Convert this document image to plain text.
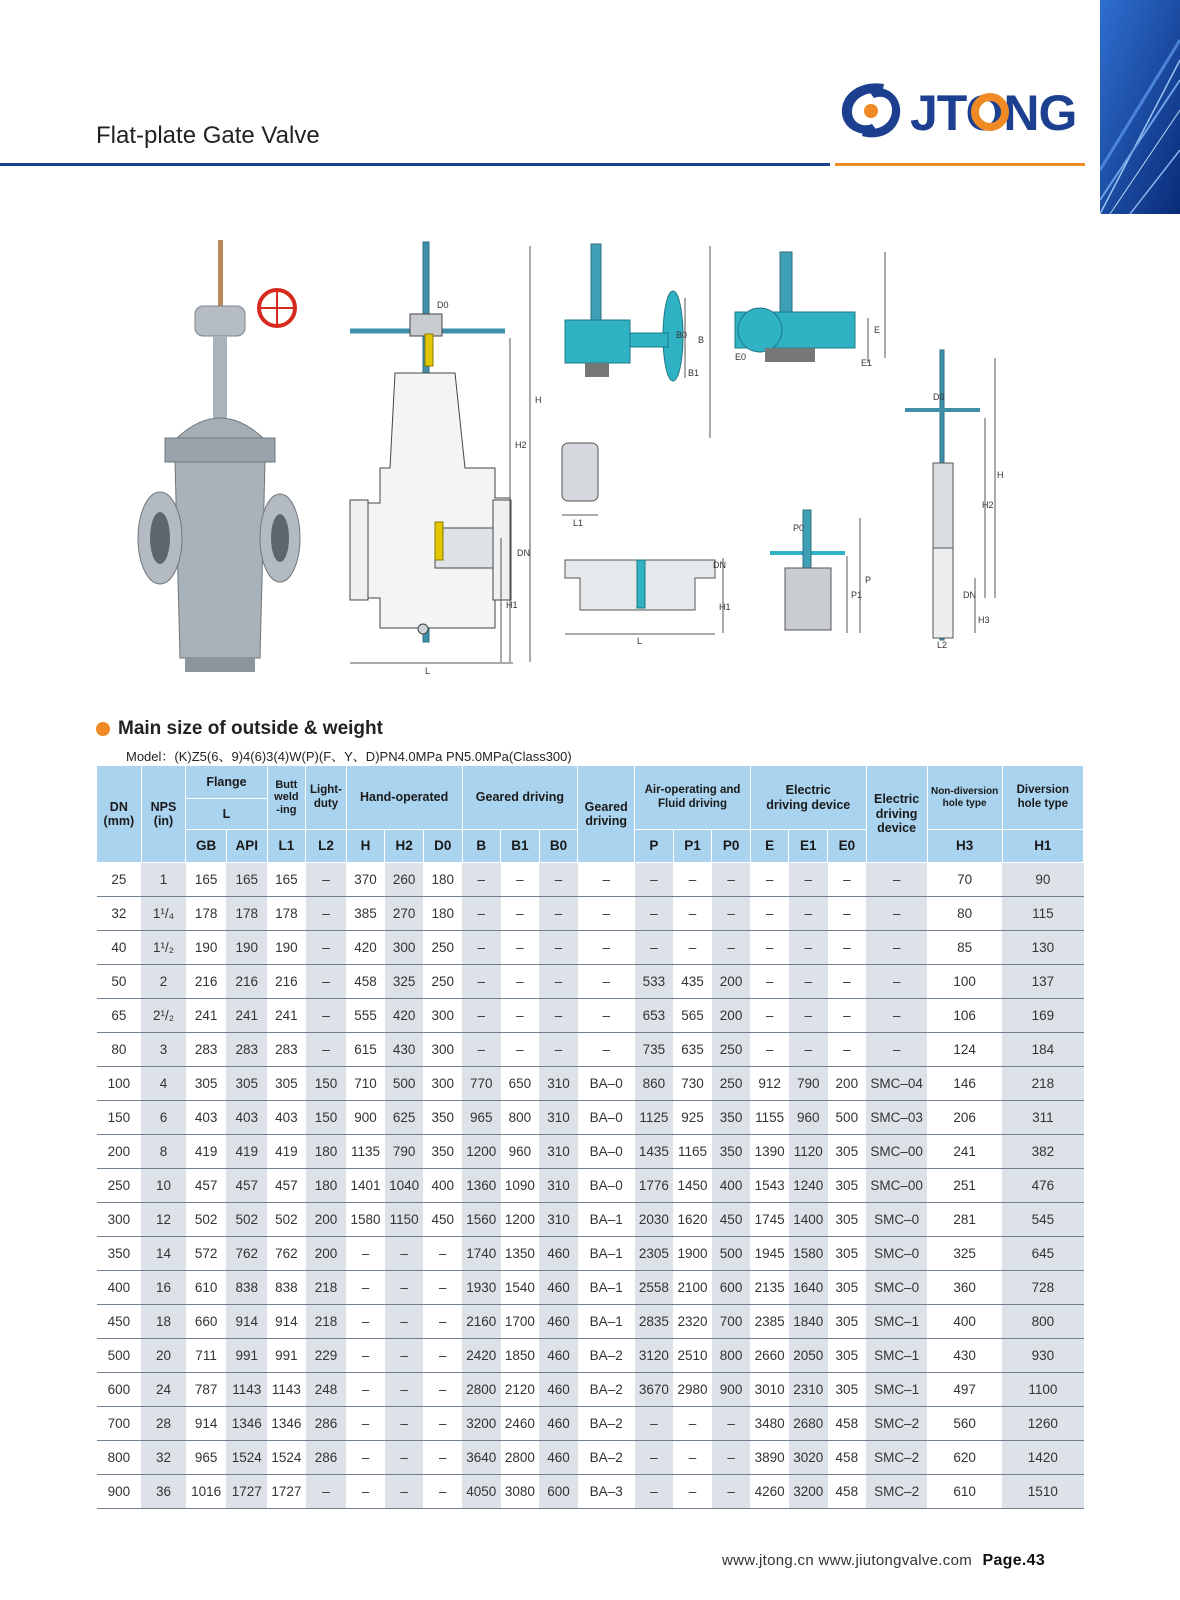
Flat-plate Gate Valve	JTONG
D0
H
H2
DN
H1
L
B
B0
B1
E
E0
E1
L1
L
DN
H1
P0
P
P1
D0
H
H2
DN
H3
L2
Main size of outside & weight
Model：(K)Z5(6、9)4(6)3(4)W(P)(F、Y、D)PN4.0MPa PN5.0MPa(Class300)
DN
(mm)	NPS
(in)	Flange		Butt
weld
-ing	Light-
duty	Hand-operated			Geared driving			Geared
driving	Air-operating and
Fluid driving			Electric
driving device			Electric
driving
device	Non-diversion
hole type	Diversion
hole type
		L																			
		GB	API	L1	L2	H	H2	D0	B	B1	B0		P	P1	P0	E	E1	E0		H3	H1
25	1	165	165	165	–	370	260	180	–	–	–	–	–	–	–	–	–	–	–	70	90
32	1¹/₄	178	178	178	–	385	270	180	–	–	–	–	–	–	–	–	–	–	–	80	115
40	1¹/₂	190	190	190	–	420	300	250	–	–	–	–	–	–	–	–	–	–	–	85	130
50	2	216	216	216	–	458	325	250	–	–	–	–	533	435	200	–	–	–	–	100	137
65	2¹/₂	241	241	241	–	555	420	300	–	–	–	–	653	565	200	–	–	–	–	106	169
80	3	283	283	283	–	615	430	300	–	–	–	–	735	635	250	–	–	–	–	124	184
100	4	305	305	305	150	710	500	300	770	650	310	BA–0	860	730	250	912	790	200	SMC–04	146	218
150	6	403	403	403	150	900	625	350	965	800	310	BA–0	1125	925	350	1155	960	500	SMC–03	206	311
200	8	419	419	419	180	1135	790	350	1200	960	310	BA–0	1435	1165	350	1390	1120	305	SMC–00	241	382
250	10	457	457	457	180	1401	1040	400	1360	1090	310	BA–0	1776	1450	400	1543	1240	305	SMC–00	251	476
300	12	502	502	502	200	1580	1150	450	1560	1200	310	BA–1	2030	1620	450	1745	1400	305	SMC–0	281	545
350	14	572	762	762	200	–	–	–	1740	1350	460	BA–1	2305	1900	500	1945	1580	305	SMC–0	325	645
400	16	610	838	838	218	–	–	–	1930	1540	460	BA–1	2558	2100	600	2135	1640	305	SMC–0	360	728
450	18	660	914	914	218	–	–	–	2160	1700	460	BA–1	2835	2320	700	2385	1840	305	SMC–1	400	800
500	20	711	991	991	229	–	–	–	2420	1850	460	BA–2	3120	2510	800	2660	2050	305	SMC–1	430	930
600	24	787	1143	1143	248	–	–	–	2800	2120	460	BA–2	3670	2980	900	3010	2310	305	SMC–1	497	1100
700	28	914	1346	1346	286	–	–	–	3200	2460	460	BA–2	–	–	–	3480	2680	458	SMC–2	560	1260
800	32	965	1524	1524	286	–	–	–	3640	2800	460	BA–2	–	–	–	3890	3020	458	SMC–2	620	1420
900	36	1016	1727	1727	–	–	–	–	4050	3080	600	BA–3	–	–	–	4260	3200	458	SMC–2	610	1510
www.jtong.cn www.jiutongvalve.com Page.43
